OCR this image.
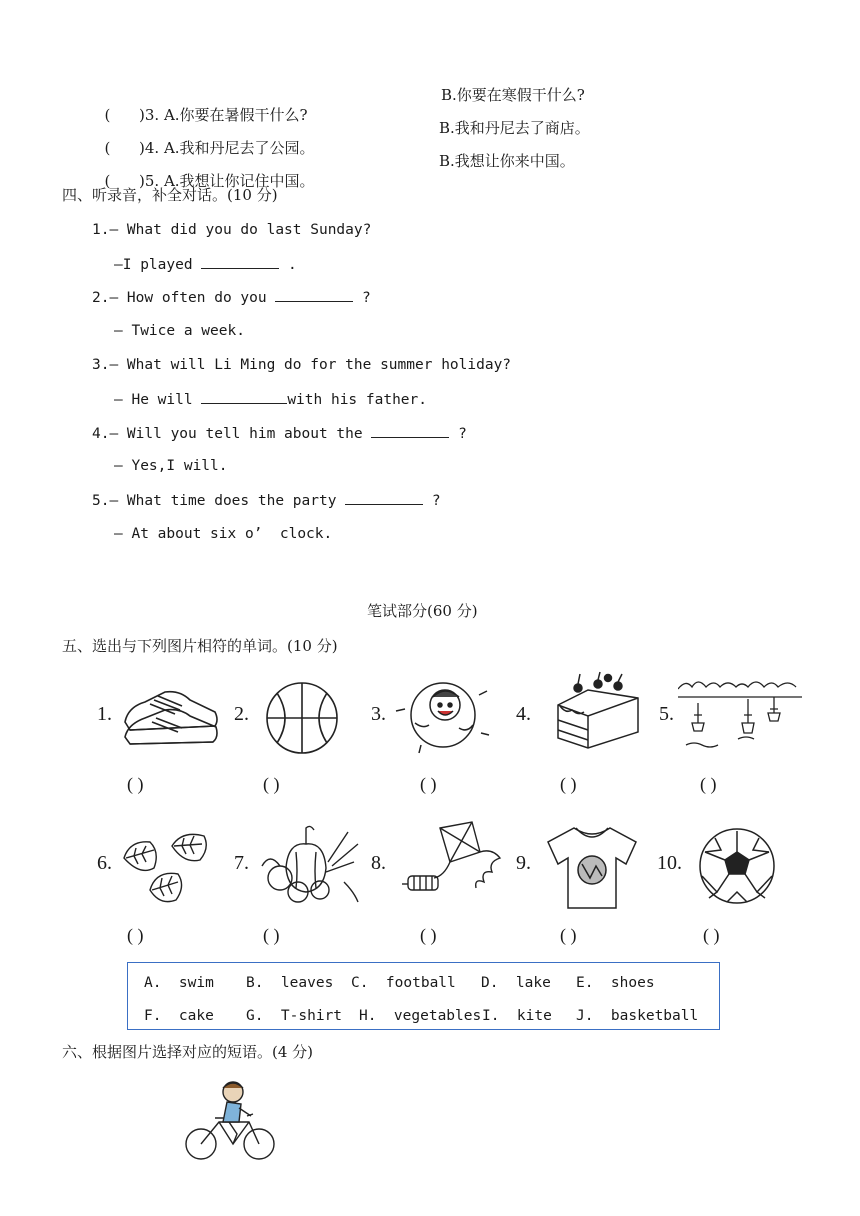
(      )3. A.你要在暑假干什么?

B.你要在寒假干什么?

(      )4. A.我和丹尼去了公园。

B.我和丹尼去了商店。

(      )5. A.我想让你记住中国。

B.我想让你来中国。
四、听录音，补全对话。(10 分)
1.— What did you do last Sunday?
—I played	.
2.— How often do you	?
— Twice a week.
3.— What will Li Ming do for the summer holiday?
— He will	with his father.
4.— Will you tell him about the	?
— Yes,I will.
5.— What time does the party	?
— At about six o’  clock.
笔试部分(60 分)
五、选出与下列图片相符的单词。(10 分)
1.	2.	3.	4.	5.
( )	( )	( )	( )	( )
6.	7.	8.	9.	10.
( )	( )	( )	( )	( )
A.  swim B.  leaves C.  football D.  lake E.  shoes
F.  cake G.  T-shirt H.  vegetables I.  kite J.  basketball
六、根据图片选择对应的短语。(4 分)
